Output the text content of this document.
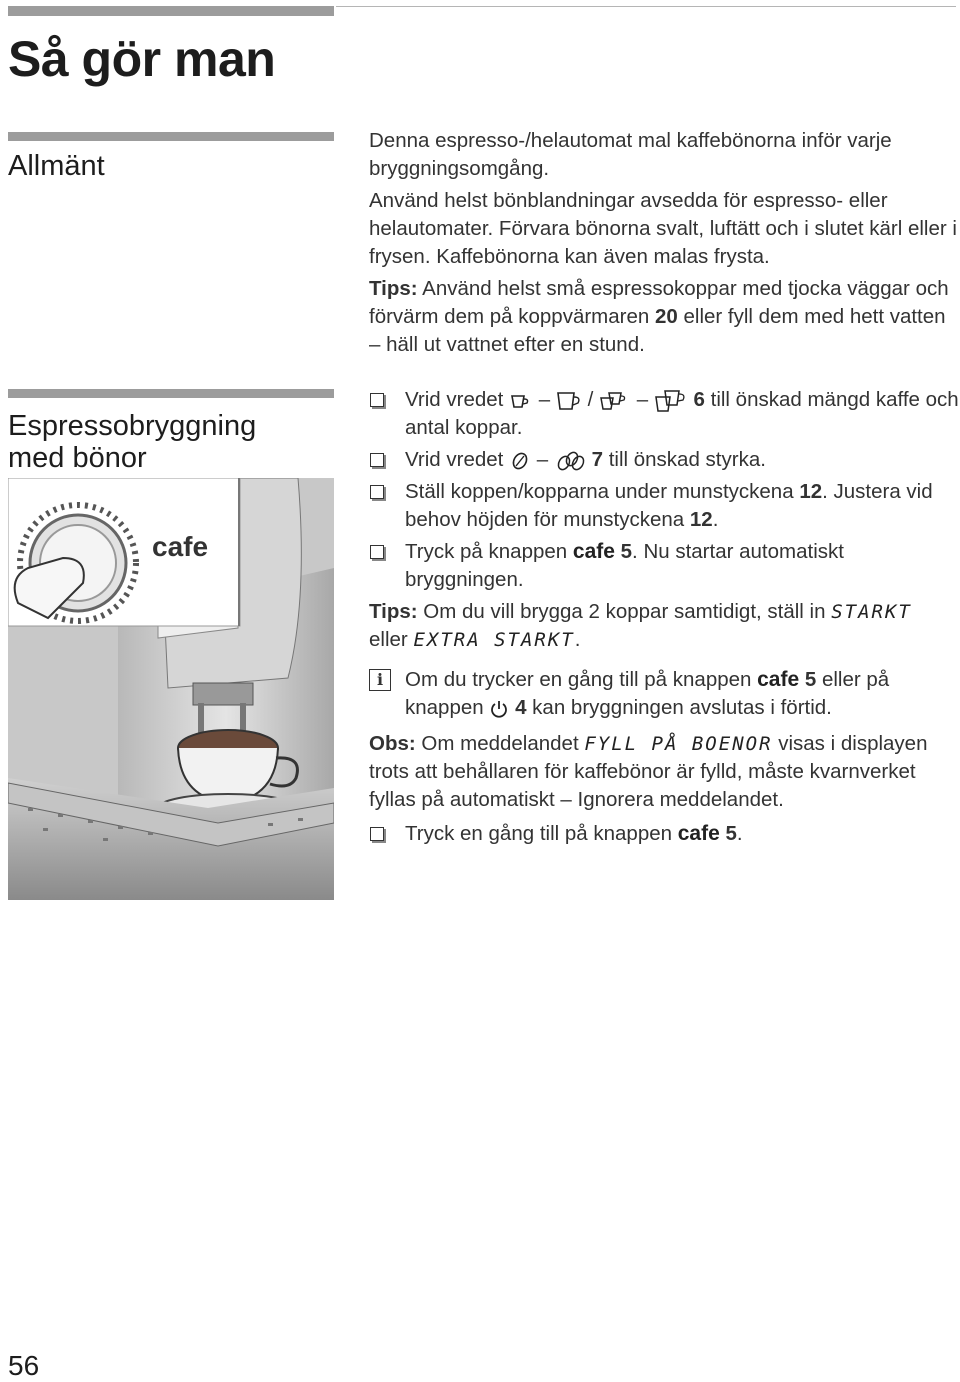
Så gör man
Allmänt
Espressobryggning
med bönor

Denna espresso-/helautomat mal kaffebönorna inför varje bryggningsomgång.

Använd helst bönblandningar avsedda för espresso- eller helautomater. Förvara bönorna svalt, luftätt och i slutet kärl eller i frysen. Kaffebönorna kan även malas frysta.

Tips: Använd helst små espressokoppar med tjocka väggar och förvärm dem på koppvärmaren 20 eller fyll dem med hett vatten – häll ut vattnet efter en stund.

Vrid vredet – / – 6 till önskad mängd kaffe och antal koppar.

Vrid vredet – 7 till önskad styrka.

Ställ koppen/kopparna under munstyckena 12. Justera vid behov höjden för munstyckena 12.

Tryck på knappen cafe 5. Nu startar automatiskt bryggningen.

Tips: Om du vill brygga 2 koppar samtidigt, ställ in STARKT
eller EXTRA STARKT.

i	Om du trycker en gång till på knappen cafe 5 eller på knappen  4 kan bryggningen avslutas i förtid.

Obs: Om meddelandet FYLL PÅ BOENOR visas i displayen trots att behållaren för kaffebönor är fylld, måste kvarnverket fyllas på automatiskt – Ignorera meddelandet.

Tryck en gång till på knappen cafe 5.

cafe
56
